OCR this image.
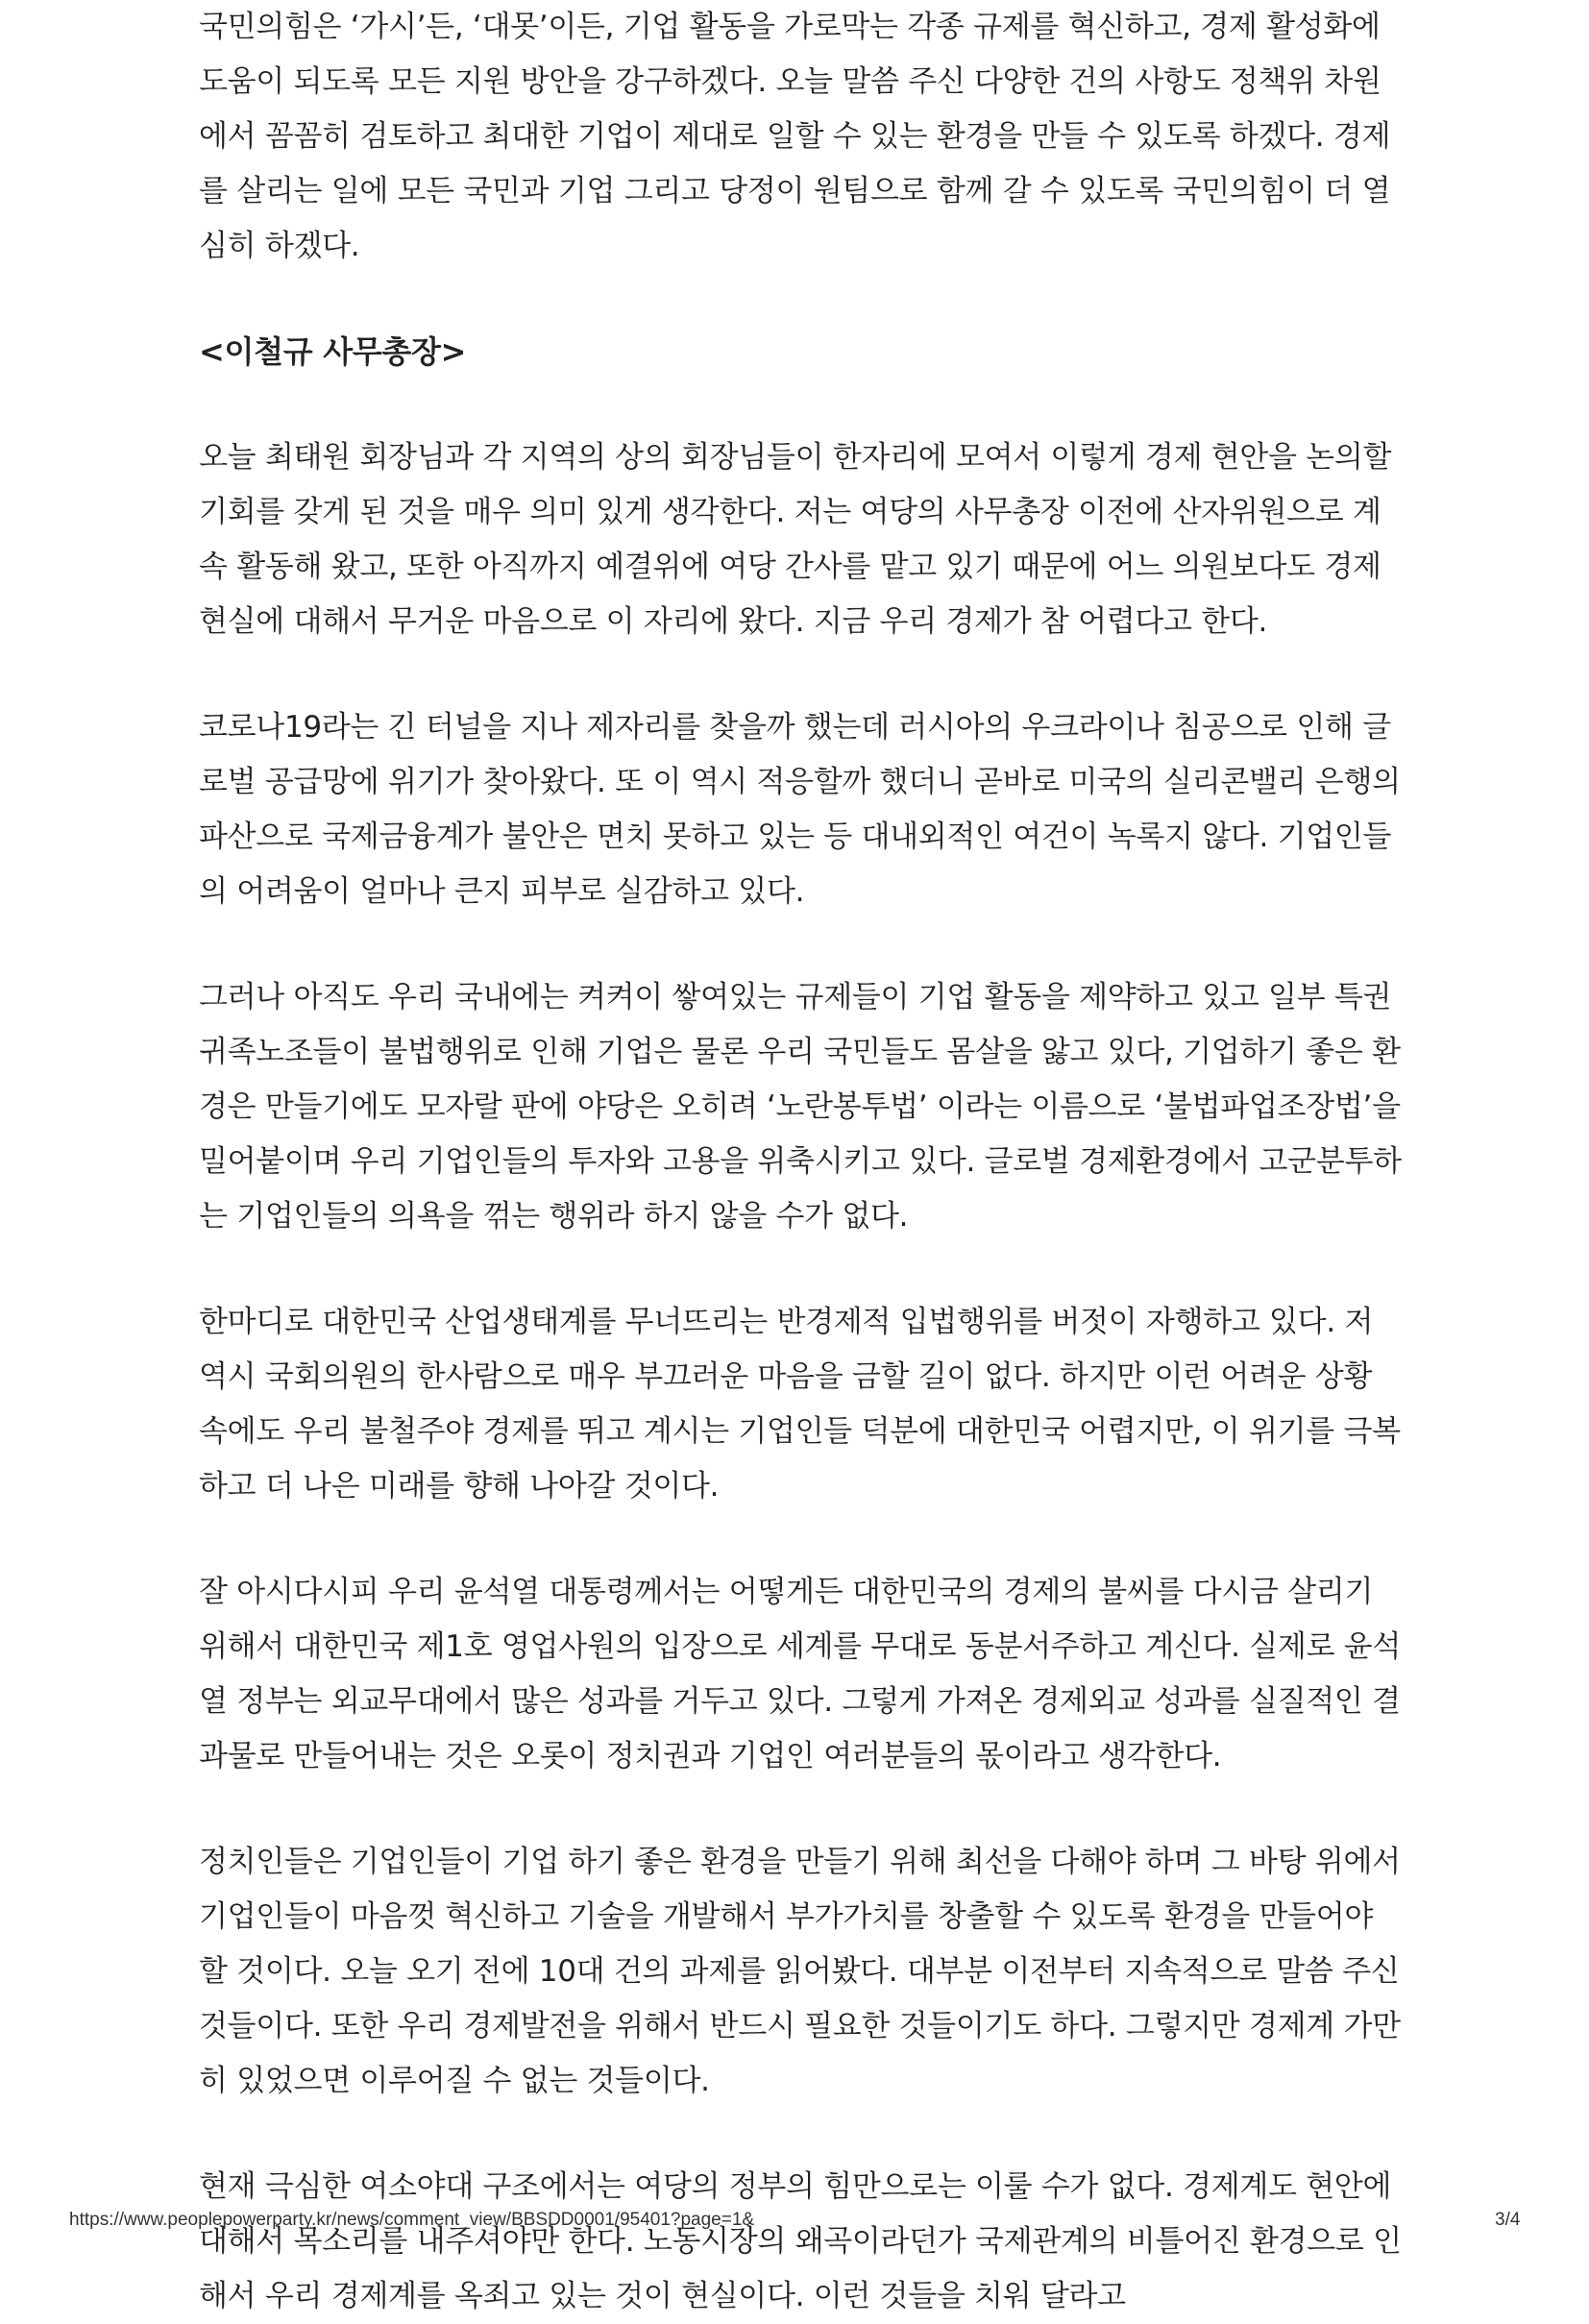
국민의힘은 ‘가시’든, ‘대못’이든, 기업 활동을 가로막는 각종 규제를 혁신하고, 경제 활성화에 도움이 되도록 모든 지원 방안을 강구하겠다. 오늘 말씀 주신 다양한 건의 사항도 정책위 차원에서 꼼꼼히 검토하고 최대한 기업이 제대로 일할 수 있는 환경을 만들 수 있도록 하겠다. 경제를 살리는 일에 모든 국민과 기업 그리고 당정이 원팀으로 함께 갈 수 있도록 국민의힘이 더 열심히 하겠다.

<이철규 사무총장>

오늘 최태원 회장님과 각 지역의 상의 회장님들이 한자리에 모여서 이렇게 경제 현안을 논의할 기회를 갖게 된 것을 매우 의미 있게 생각한다. 저는 여당의 사무총장 이전에 산자위원으로 계속 활동해 왔고, 또한 아직까지 예결위에 여당 간사를 맡고 있기 때문에 어느 의원보다도 경제 현실에 대해서 무거운 마음으로 이 자리에 왔다. 지금 우리 경제가 참 어렵다고 한다.

코로나19라는 긴 터널을 지나 제자리를 찾을까 했는데 러시아의 우크라이나 침공으로 인해 글로벌 공급망에 위기가 찾아왔다. 또 이 역시 적응할까 했더니 곧바로 미국의 실리콘밸리 은행의 파산으로 국제금융계가 불안은 면치 못하고 있는 등 대내외적인 여건이 녹록지 않다. 기업인들의 어려움이 얼마나 큰지 피부로 실감하고 있다.

그러나 아직도 우리 국내에는 켜켜이 쌓여있는 규제들이 기업 활동을 제약하고 있고 일부 특권 귀족노조들이 불법행위로 인해 기업은 물론 우리 국민들도 몸살을 앓고 있다, 기업하기 좋은 환경은 만들기에도 모자랄 판에 야당은 오히려 ‘노란봉투법’ 이라는 이름으로 ‘불법파업조장법’을 밀어붙이며 우리 기업인들의 투자와 고용을 위축시키고 있다. 글로벌 경제환경에서 고군분투하는 기업인들의 의욕을 꺾는 행위라 하지 않을 수가 없다.

한마디로 대한민국 산업생태계를 무너뜨리는 반경제적 입법행위를 버젓이 자행하고 있다. 저 역시 국회의원의 한사람으로 매우 부끄러운 마음을 금할 길이 없다. 하지만 이런 어려운 상황 속에도 우리 불철주야 경제를 뛰고 계시는 기업인들 덕분에 대한민국 어렵지만, 이 위기를 극복하고 더 나은 미래를 향해 나아갈 것이다.

잘 아시다시피 우리 윤석열 대통령께서는 어떻게든 대한민국의 경제의 불씨를 다시금 살리기 위해서 대한민국 제1호 영업사원의 입장으로 세계를 무대로 동분서주하고 계신다. 실제로 윤석열 정부는 외교무대에서 많은 성과를 거두고 있다. 그렇게 가져온 경제외교 성과를 실질적인 결과물로 만들어내는 것은 오롯이 정치권과 기업인 여러분들의 몫이라고 생각한다.

정치인들은 기업인들이 기업 하기 좋은 환경을 만들기 위해 최선을 다해야 하며 그 바탕 위에서 기업인들이 마음껏 혁신하고 기술을 개발해서 부가가치를 창출할 수 있도록 환경을 만들어야 할 것이다. 오늘 오기 전에 10대 건의 과제를 읽어봤다. 대부분 이전부터 지속적으로 말씀 주신 것들이다. 또한 우리 경제발전을 위해서 반드시 필요한 것들이기도 하다. 그렇지만 경제계 가만히 있었으면 이루어질 수 없는 것들이다.

현재 극심한 여소야대 구조에서는 여당의 정부의 힘만으로는 이룰 수가 없다. 경제계도 현안에 대해서 목소리를 내주셔야만 한다. 노동시장의 왜곡이라던가 국제관계의 비틀어진 환경으로 인해서 우리 경제계를 옥죄고 있는 것이 현실이다. 이런 것들을 치워 달라고

https://www.peoplepowerparty.kr/news/comment_view/BBSDD0001/95401?page=1&	3/4
